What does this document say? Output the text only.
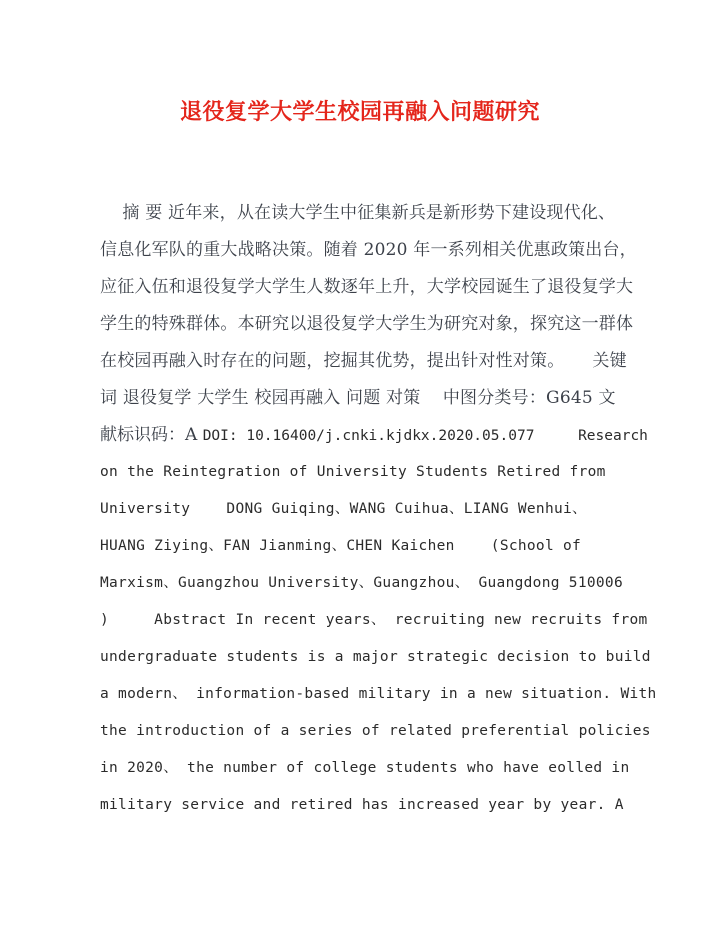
退役复学大学生校园再融入问题研究
摘 要 近年来，从在读大学生中征集新兵是新形势下建设现代化、
信息化军队的重大战略决策。随着 2020 年一系列相关优惠政策出台，
应征入伍和退役复学大学生人数逐年上升，大学校园诞生了退役复学大
学生的特殊群体。本研究以退役复学大学生为研究对象，探究这一群体
在校园再融入时存在的问题，挖掘其优势，提出针对性对策。     关键
词 退役复学 大学生 校园再融入 问题 对策    中图分类号：G645 文
献标识码：A DOI: 10.16400/j.cnki.kjdkx.2020.05.077     Research
on the Reintegration of University Students Retired from
University    DONG Guiqing、WANG Cuihua、LIANG Wenhui、
HUANG Ziying、FAN Jianming、CHEN Kaichen    (School of
Marxism、Guangzhou University、Guangzhou、 Guangdong 510006
)     Abstract In recent years、 recruiting new recruits from
undergraduate students is a major strategic decision to build
a modern、 information-based military in a new situation. With
the introduction of a series of related preferential policies
in 2020、 the number of college students who have eolled in
military service and retired has increased year by year. A
